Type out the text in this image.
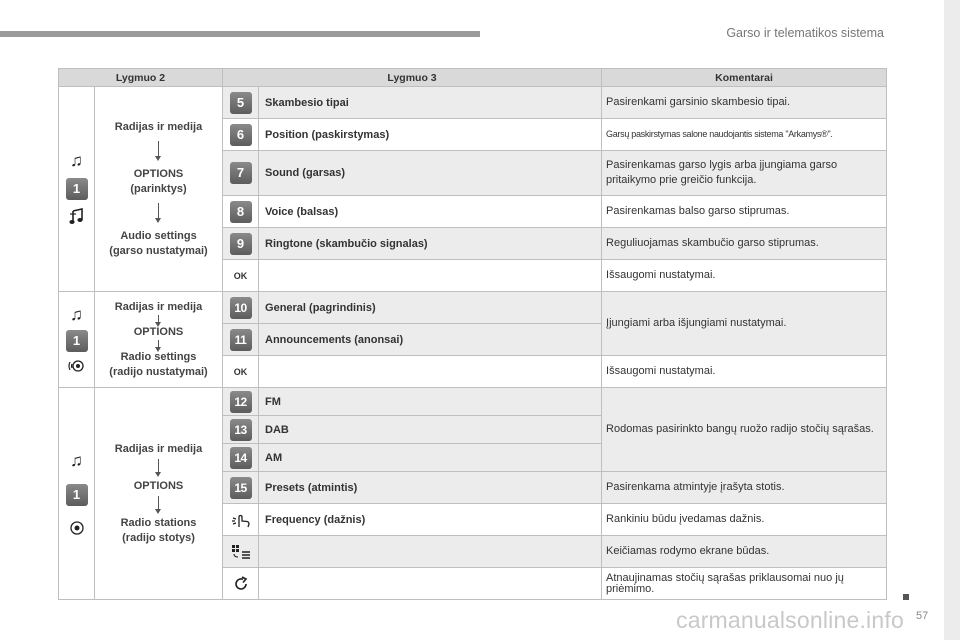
Garso ir telematikos sistema
Lygmuo 2		Lygmuo 3		Komentarai

♫
1	Radijas ir medija
OPTIONS
(parinktys)
Audio settings
(garso nustatymai)	5	Skambesio tipai	Pasirenkami garsinio skambesio tipai.
		6	Position (paskirstymas)	Garsų paskirstymas salone naudojantis sistema "Arkamys®".
		7	Sound (garsas)	Pasirenkamas garso lygis arba įjungiama garso pritaikymo prie greičio funkcija.
		8	Voice (balsas)	Pasirenkamas balso garso stiprumas.
		9	Ringtone (skambučio signalas)	Reguliuojamas skambučio garso stiprumas.
		OK		Išsaugomi nustatymai.

♫
1	Radijas ir medija
OPTIONS
Radio settings
(radijo nustatymai)	10	General (pagrindinis)	Įjungiami arba išjungiami nustatymai.
		11	Announcements (anonsai)	
		OK		Išsaugomi nustatymai.

♫
1	Radijas ir medija
OPTIONS
Radio stations
(radijo stotys)	12	FM	Rodomas pasirinkto bangų ruožo radijo stočių sąrašas.
		13	DAB	
		14	AM	
		15	Presets (atmintis)	Pasirenkama atmintyje įrašyta stotis.
	Frequency (dažnis)	Rankiniu būdu įvedamas dažnis.
		Keičiamas rodymo ekrane būdas.
		Atnaujinamas stočių sąrašas priklausomai nuo jų priėmimo.
57
carmanualsonline.info
